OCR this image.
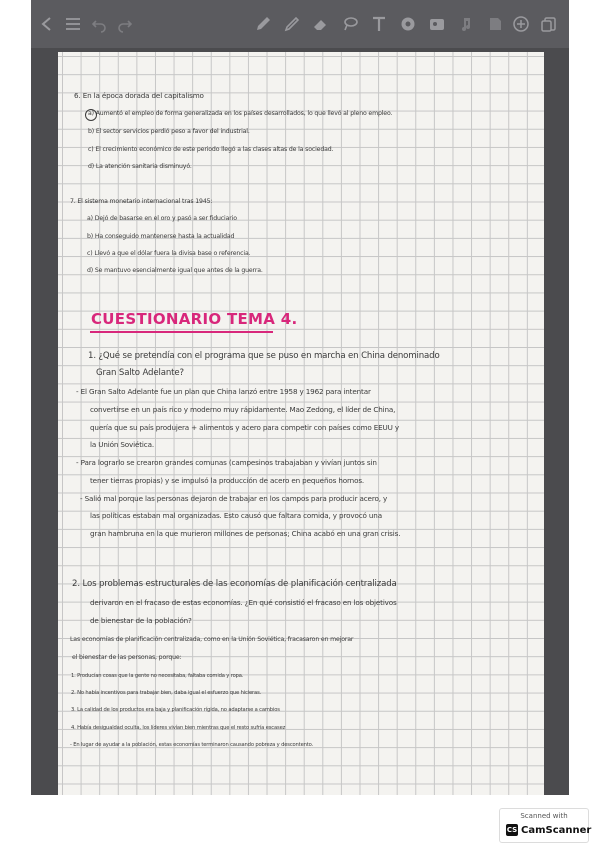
6. En la época dorada del capitalismo
a) Aumentó el empleo de forma generalizada en los países desarrollados, lo que llevó al pleno empleo.
b) El sector servicios perdió peso a favor del industrial.
c) El crecimiento económico de este periodo llegó a las clases altas de la sociedad.
d) La atención sanitaria disminuyó.
7. El sistema monetario internacional tras 1945:
a) Dejó de basarse en el oro y pasó a ser fiduciario
b) Ha conseguido mantenerse hasta la actualidad
c) Llevó a que el dólar fuera la divisa base o referencia.
d) Se mantuvo esencialmente igual que antes de la guerra.
CUESTIONARIO TEMA 4.
1. ¿Qué se pretendía con el programa que se puso en marcha en China denominado
Gran Salto Adelante?
- El Gran Salto Adelante fue un plan que China lanzó entre 1958 y 1962 para intentar
convertirse en un país rico y moderno muy rápidamente. Mao Zedong, el líder de China,
quería que su país produjera + alimentos y acero para competir con países como EEUU y
la Unión Soviética.
- Para lograrlo se crearon grandes comunas (campesinos trabajaban y vivían juntos sin
tener tierras propias) y se impulsó la producción de acero en pequeños hornos.
- Salió mal porque las personas dejaron de trabajar en los campos para producir acero, y
las políticas estaban mal organizadas. Esto causó que faltara comida, y provocó una
gran hambruna en la que murieron millones de personas; China acabó en una gran crisis.
2. Los problemas estructurales de las economías de planificación centralizada
derivaron en el fracaso de estas economías. ¿En qué consistió el fracaso en los objetivos
de bienestar de la población?
Las economías de planificación centralizada, como en la Unión Soviética, fracasaron en mejorar
el bienestar de las personas, porque:
1. Producían cosas que la gente no necesitaba, faltaba comida y ropa.
2. No había incentivos para trabajar bien, daba igual el esfuerzo que hicieras.
3. La calidad de los productos era baja y planificación rígida, no adaptarse a cambios
4. Había desigualdad oculta, los líderes vivían bien mientras que el resto sufría escasez
- En lugar de ayudar a la población, estas economías terminaron causando pobreza y descontento.
Scanned with
CS CamScanner
